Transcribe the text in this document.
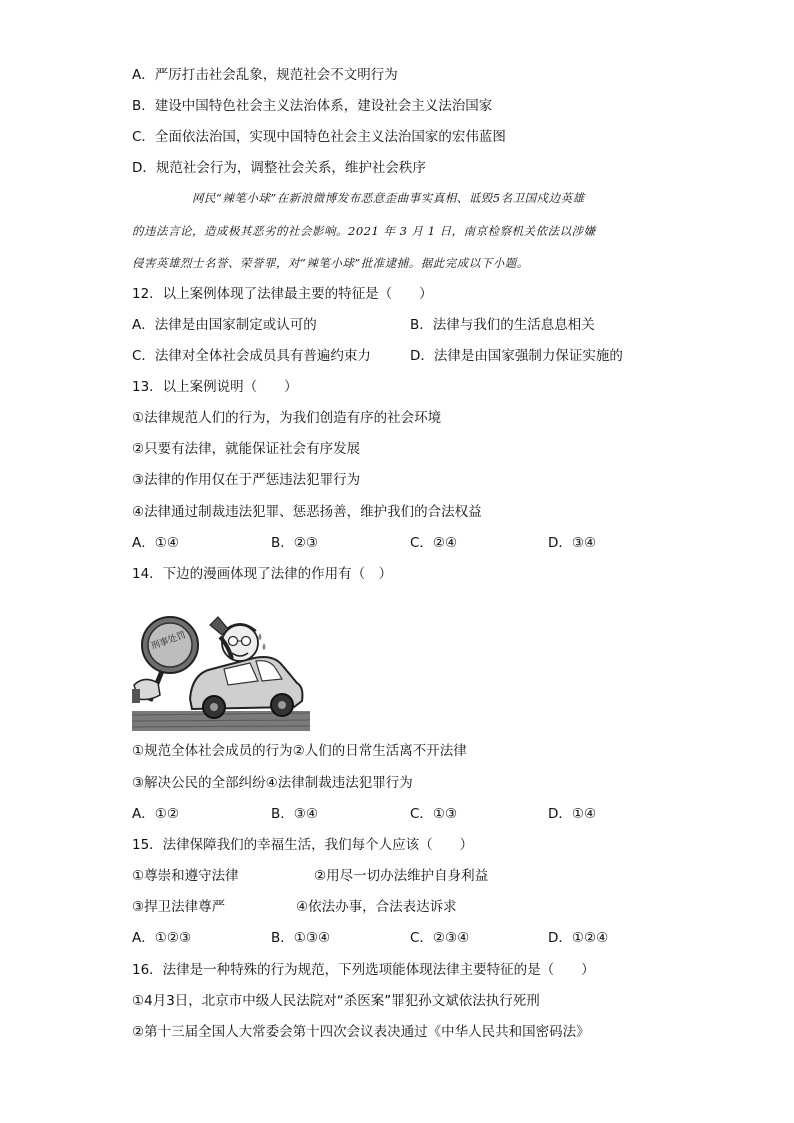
A．严厉打击社会乱象，规范社会不文明行为
B．建设中国特色社会主义法治体系，建设社会主义法治国家
C．全面依法治国，实现中国特色社会主义法治国家的宏伟蓝图
D．规范社会行为，调整社会关系，维护社会秩序
网民“辣笔小球”在新浪微博发布恶意歪曲事实真相、诋毁5名卫国戍边英雄
的违法言论，造成极其恶劣的社会影响。2021 年 3 月 1 日，南京检察机关依法以涉嫌
侵害英雄烈士名誉、荣誉罪，对“辣笔小球”批准逮捕。据此完成以下小题。
12．以上案例体现了法律最主要的特征是（　　）
A．法律是由国家制定或认可的	B．法律与我们的生活息息相关
C．法律对全体社会成员具有普遍约束力	D．法律是由国家强制力保证实施的
13．以上案例说明（　　）
①法律规范人们的行为，为我们创造有序的社会环境
②只要有法律，就能保证社会有序发展
③法律的作用仅在于严惩违法犯罪行为
④法律通过制裁违法犯罪、惩恶扬善，维护我们的合法权益
A．①④	B．②③	C．②④	D．③④
14．下边的漫画体现了法律的作用有（　）
刑事处罚
①规范全体社会成员的行为②人们的日常生活离不开法律
③解决公民的全部纠纷④法律制裁违法犯罪行为
A．①②	B．③④	C．①③	D．①④
15．法律保障我们的幸福生活，我们每个人应该（　　）
①尊崇和遵守法律	②用尽一切办法维护自身利益
③捍卫法律尊严	④依法办事，合法表达诉求
A．①②③	B．①③④	C．②③④	D．①②④
16．法律是一种特殊的行为规范，下列选项能体现法律主要特征的是（　　）
①4月3日，北京市中级人民法院对“杀医案”罪犯孙文斌依法执行死刑
②第十三届全国人大常委会第十四次会议表决通过《中华人民共和国密码法》
